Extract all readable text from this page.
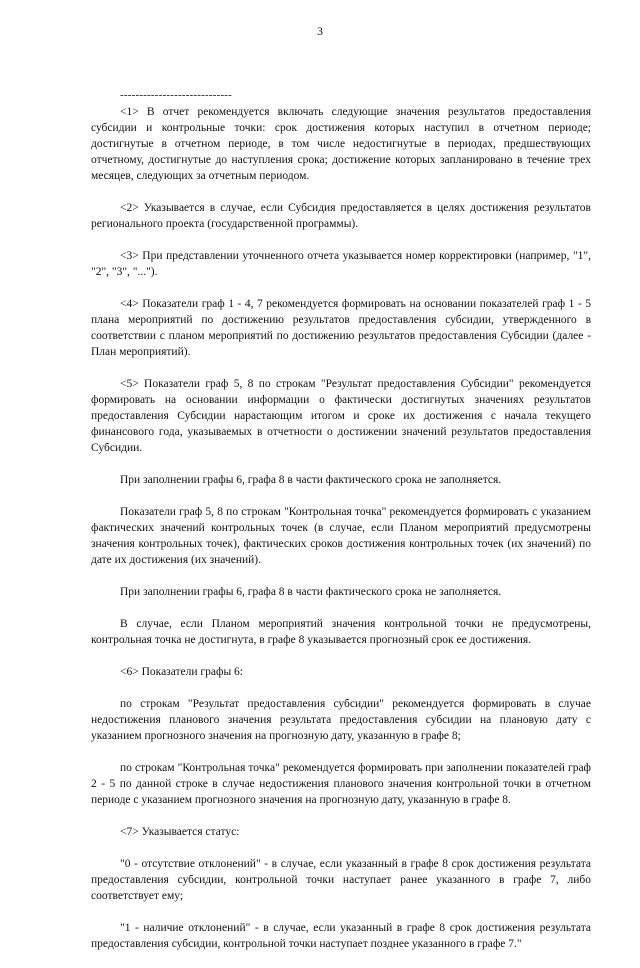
3
-----------------------------

<1> В отчет рекомендуется включать следующие значения результатов предоставления субсидии и контрольные точки: срок достижения которых наступил в отчетном периоде; достигнутые в отчетном периоде, в том числе недостигнутые в периодах, предшествующих отчетному, достигнутые до наступления срока; достижение которых запланировано в течение трех месяцев, следующих за отчетным периодом.

<2> Указывается в случае, если Субсидия предоставляется в целях достижения результатов регионального проекта (государственной программы).

<3> При представлении уточненного отчета указывается номер корректировки (например, "1", "2", "3", "...").

<4> Показатели граф 1 - 4, 7 рекомендуется формировать на основании показателей граф 1 - 5 плана мероприятий по достижению результатов предоставления субсидии, утвержденного в соответствии с планом мероприятий по достижению результатов предоставления Субсидии (далее - План мероприятий).

<5> Показатели граф 5, 8 по строкам "Результат предоставления Субсидии" рекомендуется формировать на основании информации о фактически достигнутых значениях результатов предоставления Субсидии нарастающим итогом и сроке их достижения с начала текущего финансового года, указываемых в отчетности о достижении значений результатов предоставления Субсидии.

При заполнении графы 6, графа 8 в части фактического срока не заполняется.

Показатели граф 5, 8 по строкам "Контрольная точка" рекомендуется формировать с указанием фактических значений контрольных точек (в случае, если Планом мероприятий предусмотрены значения контрольных точек), фактических сроков достижения контрольных точек (их значений) по дате их достижения (их значений).

При заполнении графы 6, графа 8 в части фактического срока не заполняется.

В случае, если Планом мероприятий значения контрольной точки не предусмотрены, контрольная точка не достигнута, в графе 8 указывается прогнозный срок ее достижения.

<6> Показатели графы 6:

по строкам "Результат предоставления субсидии" рекомендуется формировать в случае недостижения планового значения результата предоставления субсидии на плановую дату с указанием прогнозного значения на прогнозную дату, указанную в графе 8;

по строкам "Контрольная точка" рекомендуется формировать при заполнении показателей граф 2 - 5 по данной строке в случае недостижения планового значения контрольной точки в отчетном периоде с указанием прогнозного значения на прогнозную дату, указанную в графе 8.

<7> Указывается статус:

"0 - отсутствие отклонений" - в случае, если указанный в графе 8 срок достижения результата предоставления субсидии, контрольной точки наступает ранее указанного в графе 7, либо соответствует ему;

"1 - наличие отклонений" - в случае, если указанный в графе 8 срок достижения результата предоставления субсидии, контрольной точки наступает позднее указанного в графе 7."
